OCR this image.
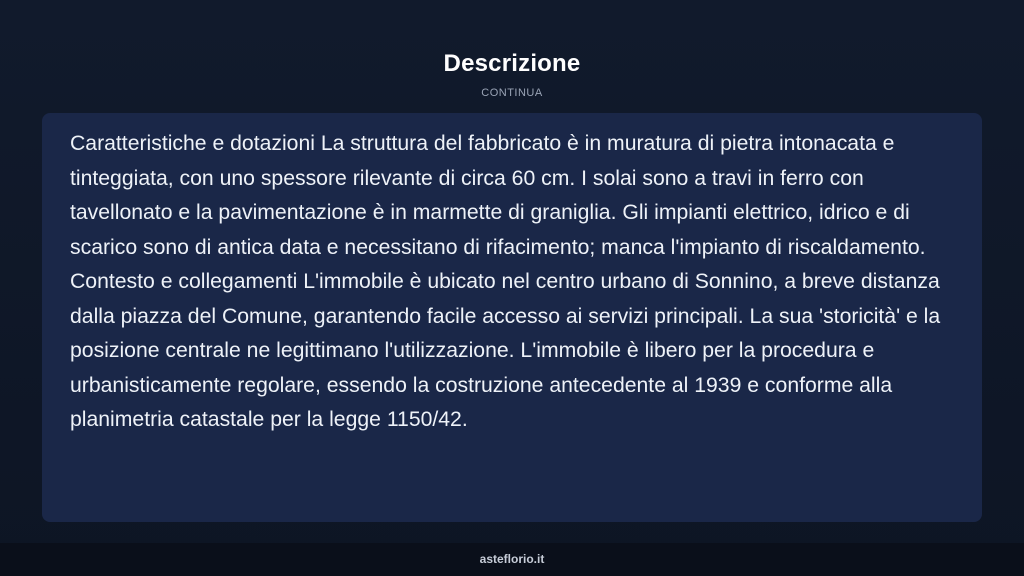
Descrizione
CONTINUA

Caratteristiche e dotazioni La struttura del fabbricato è in muratura di pietra intonacata e tinteggiata, con uno spessore rilevante di circa 60 cm. I solai sono a travi in ferro con tavellonato e la pavimentazione è in marmette di graniglia. Gli impianti elettrico, idrico e di scarico sono di antica data e necessitano di rifacimento; manca l'impianto di riscaldamento. Contesto e collegamenti L'immobile è ubicato nel centro urbano di Sonnino, a breve distanza dalla piazza del Comune, garantendo facile accesso ai servizi principali. La sua 'storicità' e la posizione centrale ne legittimano l'utilizzazione. L'immobile è libero per la procedura e urbanisticamente regolare, essendo la costruzione antecedente al 1939 e conforme alla planimetria catastale per la legge 1150/42.

asteflorio.it
